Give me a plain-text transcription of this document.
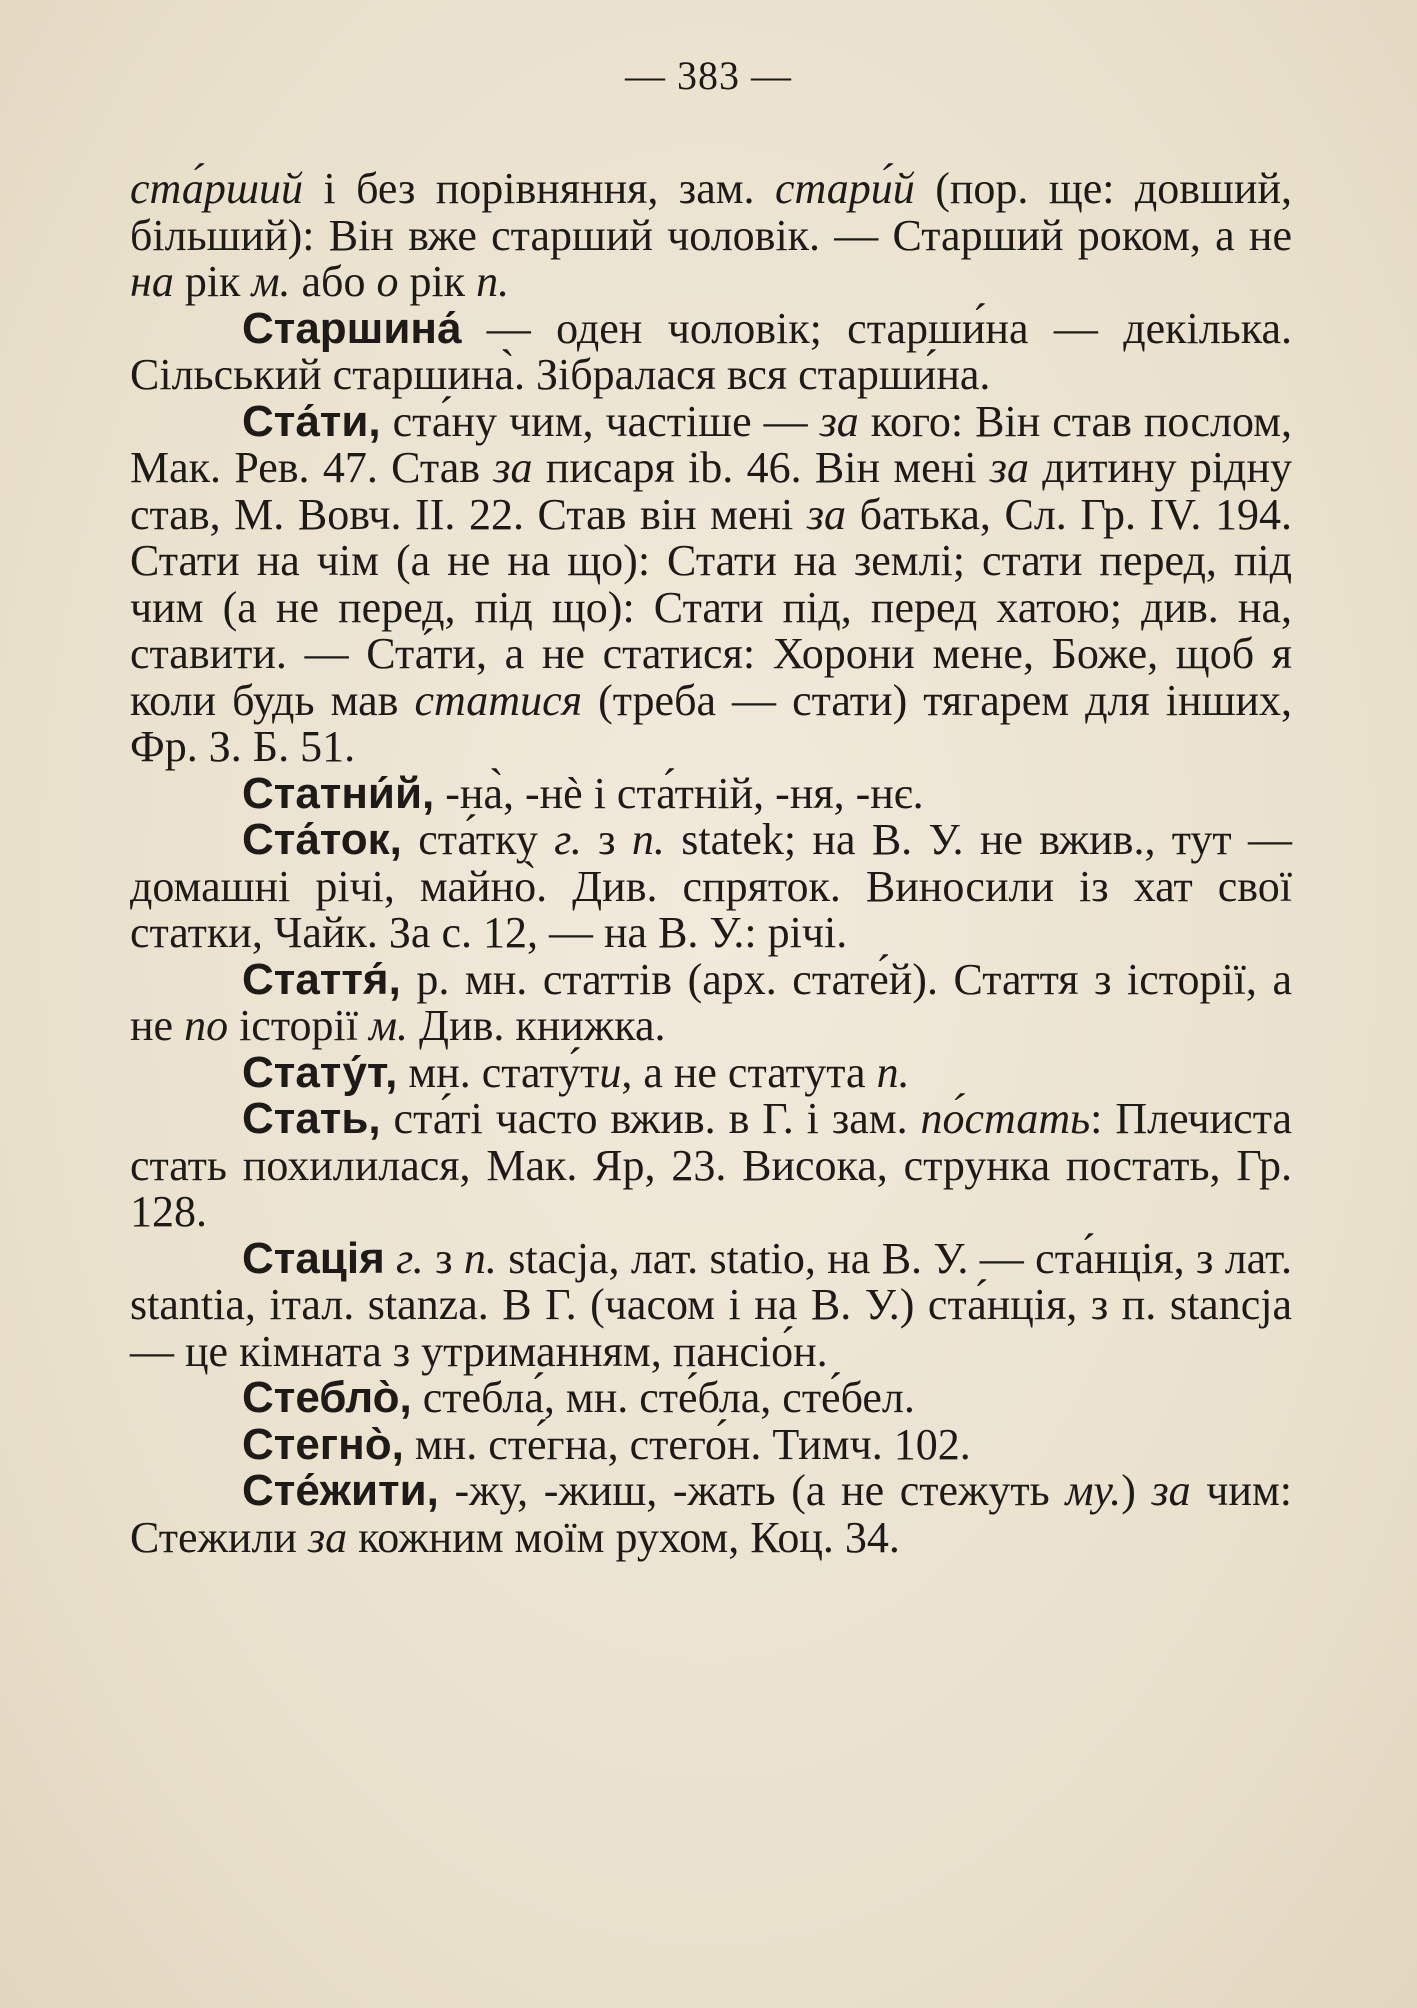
— 383 —

ста́рший і без порівняння, зам. стари́й (пор. ще: довший, більший): Він вже старший чоловік. — Старший роком, а не на рік м. або о рік п.

Старшина́ — оден чоловік; старши́на — декілька. Сільський старшина̀. Зібралася вся старши́на.

Ста́ти, ста́ну чим, частіше — за кого: Він став послом, Мак. Рев. 47. Став за писаря ib. 46. Він мені за дитину рідну став, М. Вовч. II. 22. Став він мені за батька, Сл. Гр. IV. 194. Стати на чім (а не на що): Стати на землі; стати перед, під чим (а не перед, під що): Стати під, перед хатою; див. на, ставити. — Ста́ти, а не статися: Хорони мене, Боже, щоб я коли будь мав статися (треба — стати) тягарем для інших, Фр. З. Б. 51.

Статни́й, -на̀, -нѐ і ста́тній, -ня, -нє.

Ста́ток, ста́тку г. з п. statek; на В. У. не вжив., тут — домашні річі, майно̀. Див. спряток. Виносили із хат свої статки, Чайк. За с. 12, — на В. У.: річі.

Стаття́, р. мн. статтів (арх. стате́й). Стаття з історії, а не по історії м. Див. книжка.

Стату́т, мн. стату́ти, а не статута п.

Стать, ста́ті часто вжив. в Г. і зам. по́стать: Плечиста стать похилилася, Мак. Яр, 23. Висока, струнка постать, Гр. 128.

Стація г. з п. stacja, лат. statio, на В. У. — ста́нція, з лат. stantia, італ. stanza. В Г. (часом і на В. У.) ста́нція, з п. stancja — це кімната з утриманням, пансіо́н.

Стебло̀, стебла́, мн. сте́бла, сте́бел.

Стегно̀, мн. сте́гна, стего́н. Тимч. 102.

Сте́жити, -жу, -жиш, -жать (а не стежуть му.) за чим: Стежили за кожним моїм рухом, Коц. 34.
